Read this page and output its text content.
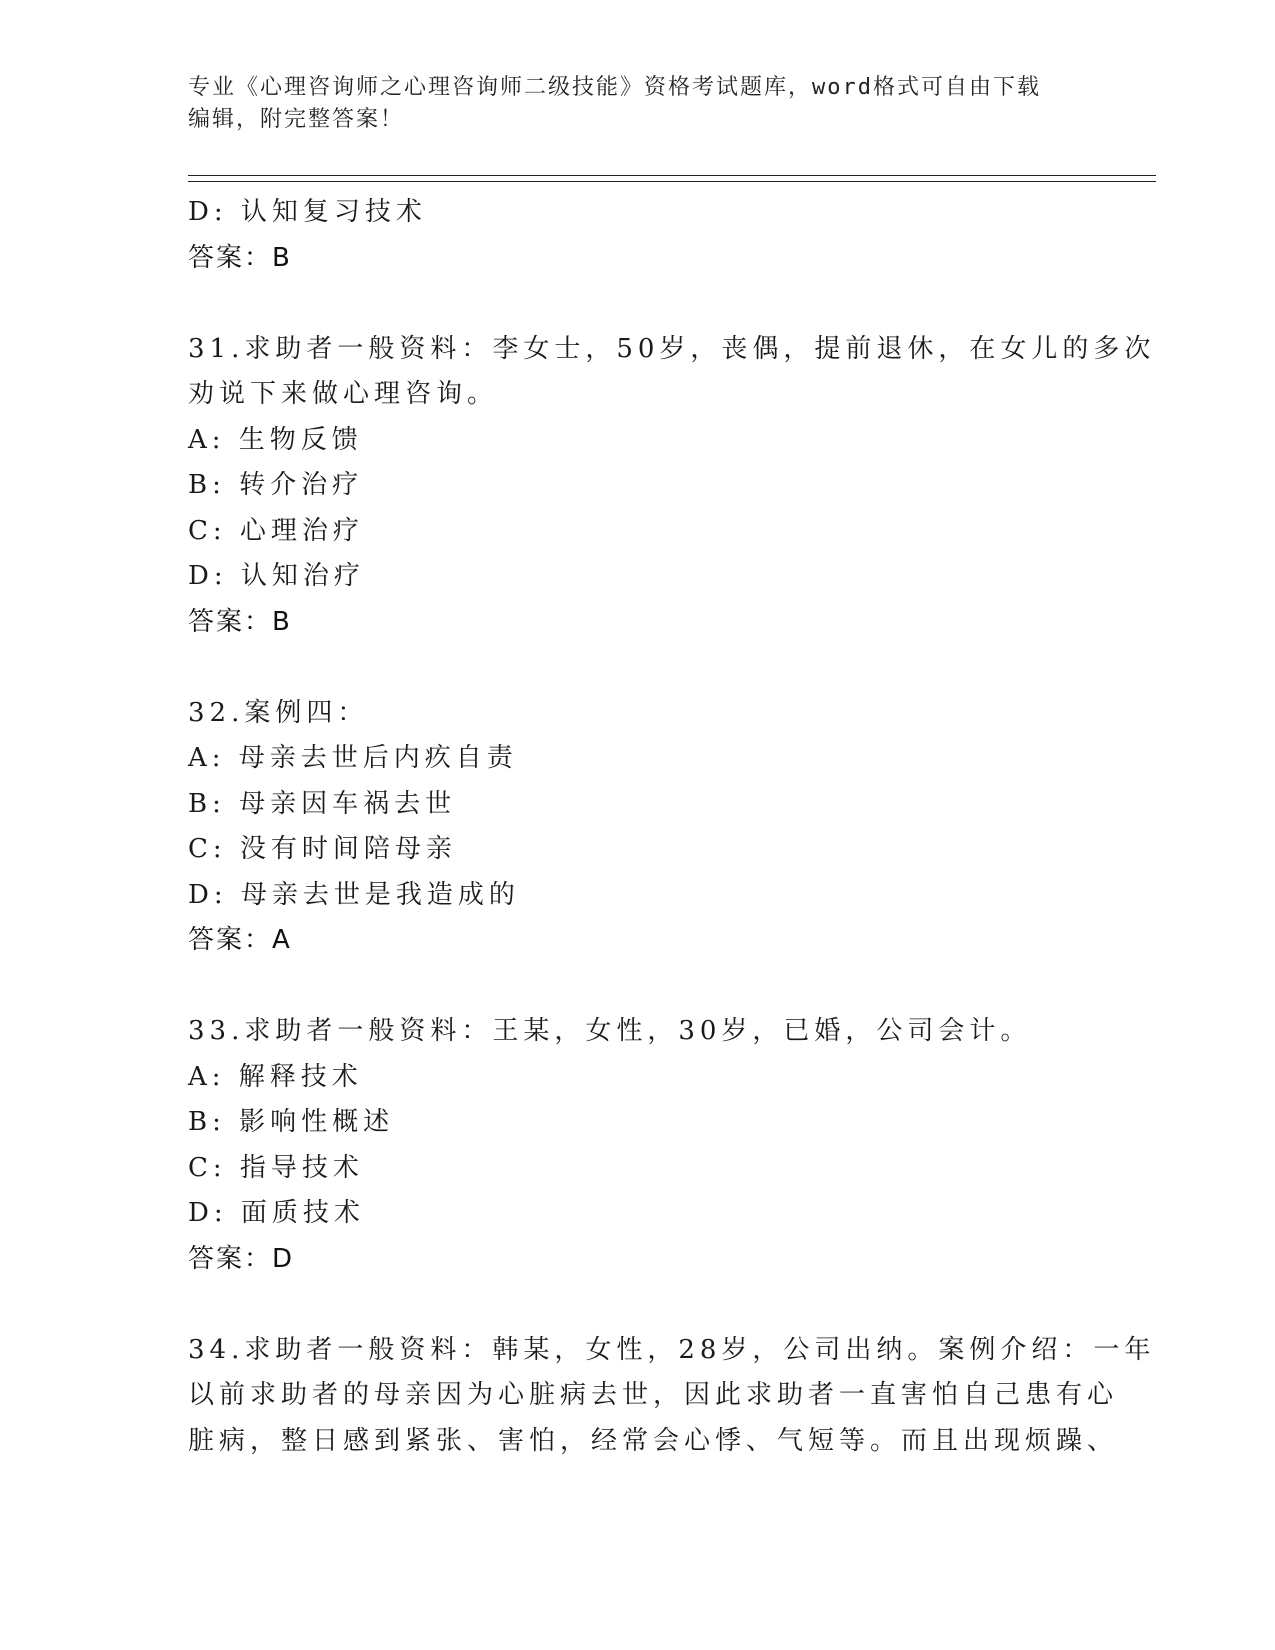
专业《心理咨询师之心理咨询师二级技能》资格考试题库，word格式可自由下载
编辑，附完整答案！
D: 认知复习技术
答案：B
31.求助者一般资料：李女士，50岁，丧偶，提前退休，在女儿的多次
劝说下来做心理咨询。
A: 生物反馈
B: 转介治疗
C: 心理治疗
D: 认知治疗
答案：B
32.案例四：
A: 母亲去世后内疚自责
B: 母亲因车祸去世
C: 没有时间陪母亲
D: 母亲去世是我造成的
答案：A
33.求助者一般资料：王某，女性，30岁，已婚，公司会计。
A: 解释技术
B: 影响性概述
C: 指导技术
D: 面质技术
答案：D
34.求助者一般资料：韩某，女性，28岁，公司出纳。案例介绍：一年
以前求助者的母亲因为心脏病去世，因此求助者一直害怕自己患有心
脏病，整日感到紧张、害怕，经常会心悸、气短等。而且出现烦躁、
